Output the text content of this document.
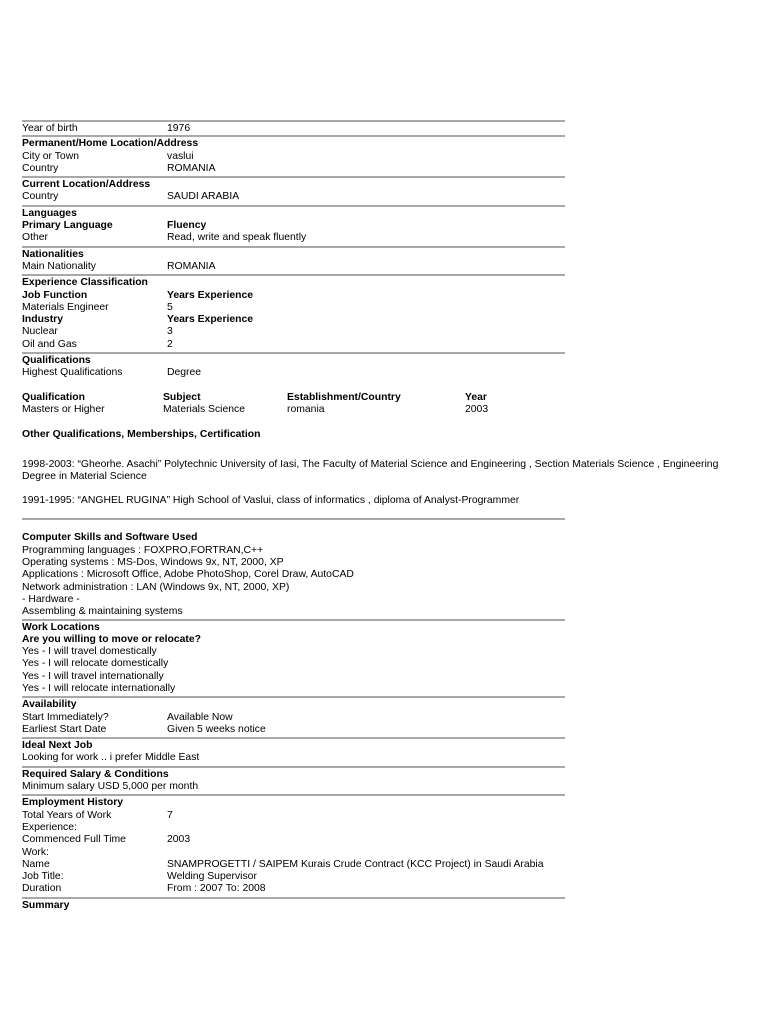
Year of birth	1976
Permanent/Home Location/Address
City or Town	vaslui
Country	ROMANIA
Current Location/Address
Country	SAUDI ARABIA
Languages
Primary Language	Fluency
Other	Read, write and speak fluently
Nationalities
Main Nationality	ROMANIA
Experience Classification
Job Function	Years Experience
Materials Engineer	5
Industry	Years Experience
Nuclear	3
Oil and Gas	2
Qualifications
Highest Qualifications	Degree
Qualification	Subject	Establishment/Country	Year
Masters or Higher	Materials Science	romania	2003
Other Qualifications, Memberships, Certification
1998-2003: “Gheorhe. Asachi” Polytechnic University of Iasi, The Faculty of Material Science and Engineering , Section Materials Science , Engineering Degree in Material Science
1991-1995: “ANGHEL RUGINA” High School of Vaslui, class of informatics , diploma of Analyst-Programmer
Computer Skills and Software Used
Programming languages : FOXPRO,FORTRAN,C++
Operating systems : MS-Dos, Windows 9x, NT, 2000, XP
Applications : Microsoft Office, Adobe PhotoShop, Corel Draw, AutoCAD
Network administration : LAN (Windows 9x, NT, 2000, XP)
- Hardware -
Assembling & maintaining systems
Work Locations
Are you willing to move or relocate?
Yes - I will travel domestically
Yes - I will relocate domestically
Yes - I will travel internationally
Yes - I will relocate internationally
Availability
Start Immediately?	Available Now
Earliest Start Date	Given 5 weeks notice
Ideal Next Job
Looking for work .. i prefer Middle East
Required Salary & Conditions
Minimum salary USD 5,000 per month
Employment History
Total Years of Work	7
Experience:
Commenced Full Time	2003
Work:
Name	SNAMPROGETTI / SAIPEM Kurais Crude Contract (KCC Project) in Saudi Arabia
Job Title:	Welding Supervisor
Duration	From : 2007 To: 2008
Summary
